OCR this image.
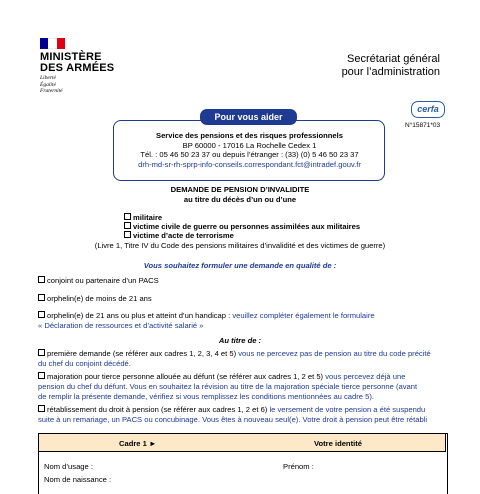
MINISTÈRE
DES ARMÉES
Liberté
Égalité
Fraternité
Secrétariat général
pour l’administration
Pour vous aider
Service des pensions et des risques professionnels
BP 60000 - 17016 La Rochelle Cedex 1
Tél. : 05 46 50 23 37 ou depuis l’étranger : (33) (0) 5 46 50 23 37
drh-md-sr-rh-sprp-info-conseils.correspondant.fct@intradef.gouv.fr
cerfa
N°15871*03
DEMANDE DE PENSION D’INVALIDITE
au titre du décès d’un ou d’une
militaire
victime civile de guerre ou personnes assimilées aux militaires
victime d’acte de terrorisme
(Livre 1, Titre IV du Code des pensions militaires d’invalidité et des victimes de guerre)
Vous souhaitez formuler une demande en qualité de :
conjoint ou partenaire d’un PACS
orphelin(e) de moins de 21 ans
orphelin(e) de 21 ans ou plus et atteint d’un handicap : veuillez compléter également le formulaire
« Déclaration de ressources et d’activité salarié »
Au titre de :
première demande (se référer aux cadres 1, 2, 3, 4 et 5) vous ne percevez pas de pension au titre du code précité
du chef du conjoint décédé.
majoration pour tierce personne allouée au défunt (se référer aux cadres 1, 2 et 5) vous percevez déjà une
pension du chef du défunt. Vous en souhaitez la révision au titre de la majoration spéciale tierce personne (avant
de remplir la présente demande, vérifiez si vous remplissez les conditions mentionnées au cadre 5).
rétablissement du droit à pension (se référer aux cadres 1, 2 et 6) le versement de votre pension a été suspendu
suite à un remariage, un PACS ou concubinage. Vous êtes à nouveau seul(e). Votre droit à pension peut être rétabli
Cadre 1 ►	Votre identité
Nom d’usage :	Prénom :
Nom de naissance :
